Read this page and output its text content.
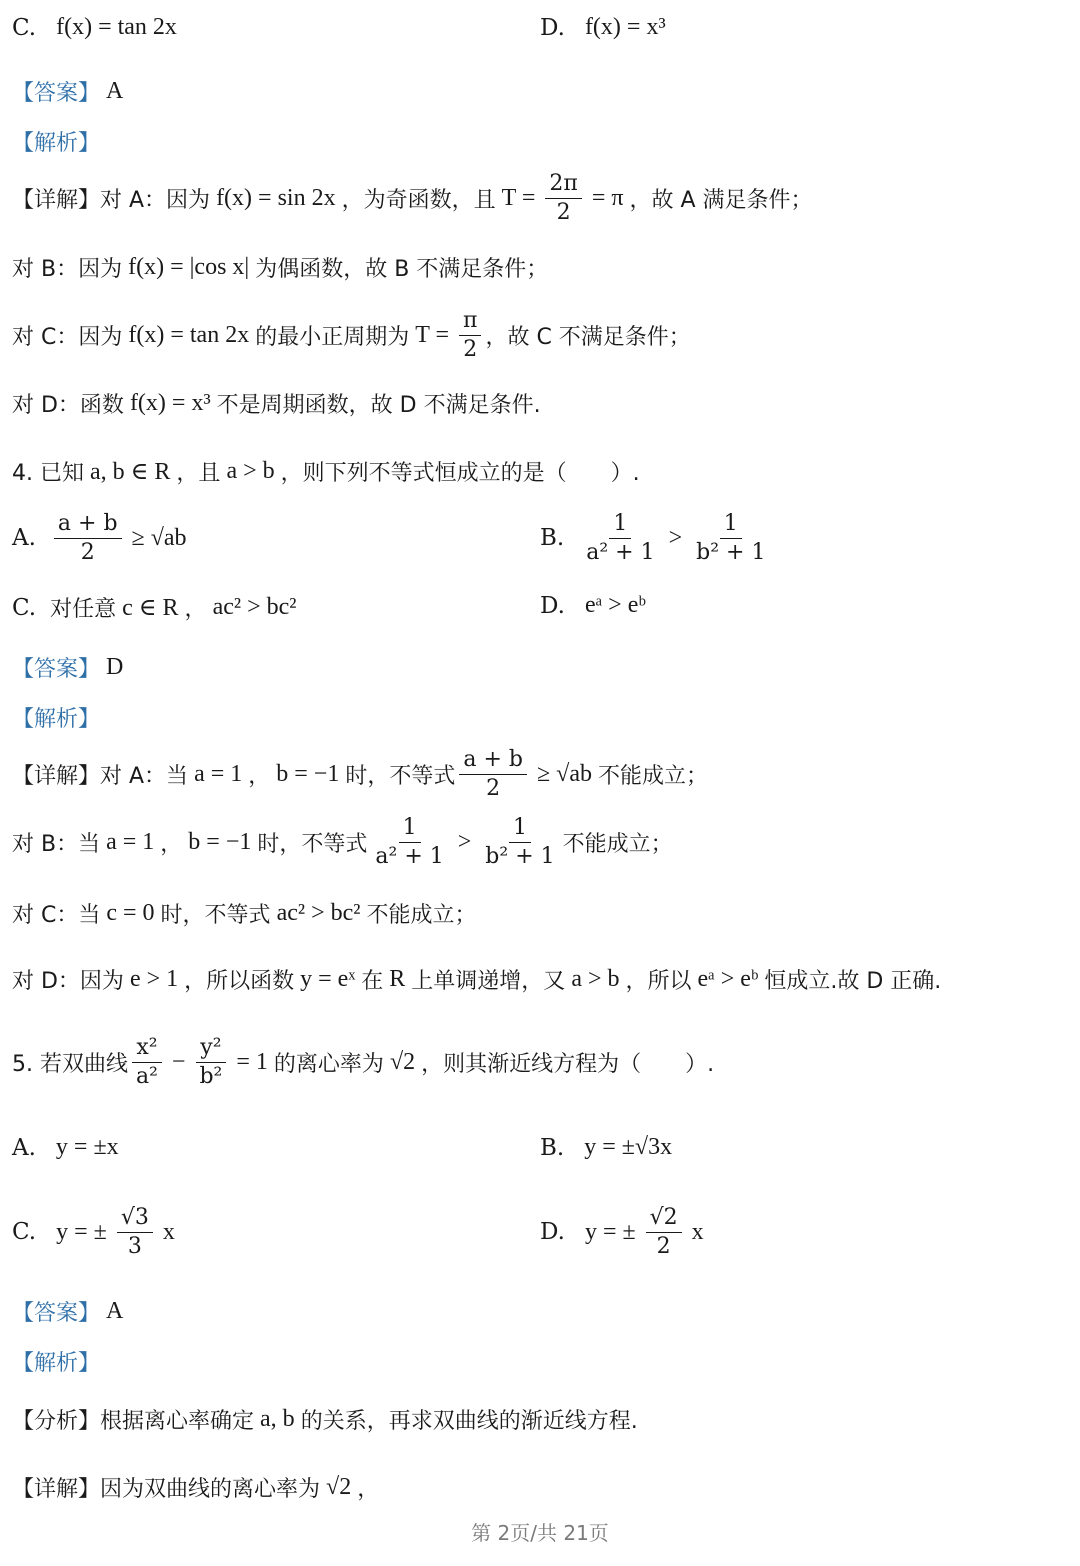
C. f(x) = tan 2x	D. f(x) = x³
【答案】 A
【解析】
【详解】 对 A：因为 f(x) = sin 2x ，为奇函数，且 $T = \frac{2\pi}{2} = \pi$ ，故 A 满足条件；
对 B：因为 f(x) = |cos x| 为偶函数，故 B 不满足条件；
对 C：因为 f(x) = tan 2x 的最小正周期为 $T = \frac{\pi}{2}$ ，故 C 不满足条件；
对 D：函数 f(x) = x³ 不是周期函数，故 D 不满足条件.
4. 已知 a, b ∈ R ，且 a > b ，则下列不等式恒成立的是（　　）.
A. $\frac{a + b}{2} \ge √ab$	B. $\frac{1}{\text{a² + 1}} > \frac{1}{\text{b² + 1}}$
C. 对任意 c ∈ R ， ac² > bc²	D. eᵃ > eᵇ
【答案】 D
【解析】
【详解】 对 A：当 a = 1 ， b = −1 时，不等式 $\frac{a + b}{2} \ge √ab$ 不能成立；
对 B：当 a = 1 ， b = −1 时，不等式 $\frac{1}{\text{a² + 1}} > \frac{1}{\text{b² + 1}}$ 不能成立；
对 C：当 c = 0 时，不等式 ac² > bc² 不能成立；
对 D：因为 e > 1 ，所以函数 y = eˣ 在 R 上单调递增，又 a > b ，所以 eᵃ > eᵇ 恒成立.故 D 正确.
5. 若双曲线 $\frac{\text{x²}}{\text{a²}} - \frac{\text{y²}}{\text{b²}} = 1$ 的离心率为 √2 ，则其渐近线方程为（　　）.
A. y = ±x	B. y = ±√3x
C. y = ± $\frac{√3}{3}$ x	D. y = ± $\frac{√2}{2}$ x
【答案】 A
【解析】
【分析】 根据离心率确定 a, b 的关系，再求双曲线的渐近线方程.
【详解】 因为双曲线的离心率为 √2 ，
第 2页/共 21页
